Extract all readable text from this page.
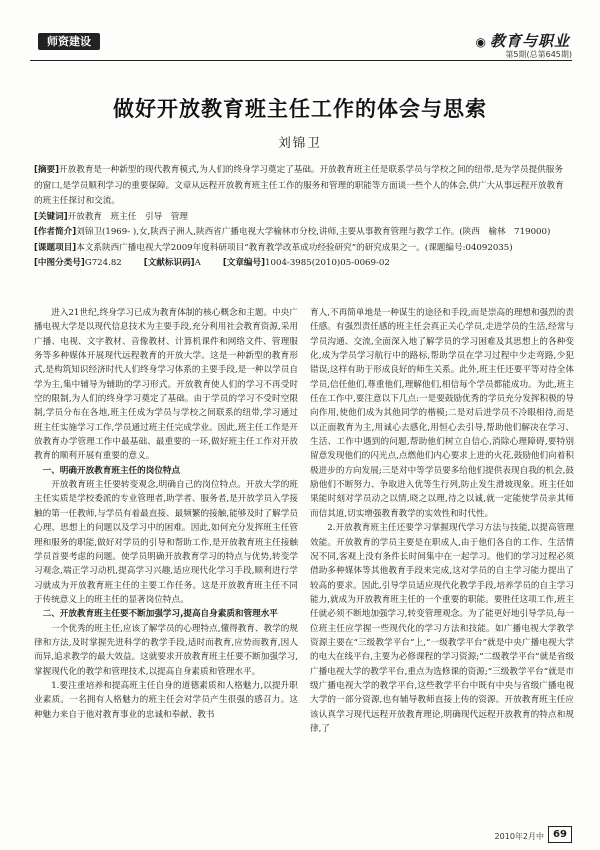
师资建设	◉ 教育与职业
第5期(总第645期)
做好开放教育班主任工作的体会与思索
刘锦卫

[摘要]开放教育是一种新型的现代教育模式,为人们的终身学习奠定了基础。开放教育班主任是联系学员与学校之间的纽带,是为学员提供服务的窗口,是学员顺利学习的重要保障。文章从远程开放教育班主任工作的服务和管理的职能等方面谈一些个人的体会,供广大从事远程开放教育的班主任探讨和交流。

[关键词]开放教育　班主任　引导　管理

[作者简介]刘锦卫(1969- ),女,陕西子洲人,陕西省广播电视大学榆林市分校,讲师,主要从事教育管理与教学工作。(陕西　榆林　719000)

[课题项目]本文系陕西广播电视大学2009年度科研项目“教育教学改革成功经验研究”的研究成果之一。(课题编号:04092035)

[中图分类号]G724.82	[文献标识码]A	[文章编号]1004-3985(2010)05-0069-02

进入21世纪,终身学习已成为教育体制的核心概念和主题。中央广播电视大学是以现代信息技术为主要手段,充分利用社会教育资源,采用广播、电视、文字教材、音像教材、计算机课件和网络文件、管理服务等多种媒体开展现代远程教育的开放大学。这是一种新型的教育形式,是构筑知识经济时代人们终身学习体系的主要手段,是一种以学员自学为主,集中辅导为辅助的学习形式。开放教育使人们的学习不再受时空的限制,为人们的终身学习奠定了基础。由于学员的学习不受时空限制,学员分布在各地,班主任成为学员与学校之间联系的纽带,学习通过班主任实施学习工作,学员通过班主任完成学业。因此,班主任工作是开放教育办学管理工作中最基础、最重要的一环,做好班主任工作对开放教育的顺利开展有重要的意义。

一、明确开放教育班主任的岗位特点

开放教育班主任要转变观念,明确自己的岗位特点。开放大学的班主任实质是学校委派的专业管理者,助学者、服务者,是开放学员入学接触的第一任教师,与学员有着最直接、最频繁的接触,能够及时了解学员心理、思想上的问题以及学习中的困难。因此,如何充分发挥班主任管理和服务的职能,做好对学员的引导和帮助工作,是开放教育班主任接触学员首要考虑的问题。使学员明确开放教育学习的特点与优势,转变学习观念,端正学习动机,提高学习兴趣,适应现代化学习手段,顺利进行学习就成为开放教育班主任的主要工作任务。这是开放教育班主任不同于传统意义上的班主任的显著岗位特点。

二、开放教育班主任要不断加强学习,提高自身素质和管理水平

一个优秀的班主任,应该了解学员的心理特点,懂得教育、教学的规律和方法,及时掌握先进科学的教学手段,适时而教育,应势而教育,因人而异,追求教学的最大效益。这就要求开放教育班主任要不断加强学习,掌握现代化的教学和管理技术,以提高自身素质和管理水平。

1.要注重培养和提高班主任自身的道德素质和人格魅力,以提升职业素质。一名拥有人格魅力的班主任会对学员产生很强的感召力。这种魅力来自于他对教育事业的忠诚和奉献、教书

育人,不再简单地是一种谋生的途径和手段,而是崇高的理想和强烈的责任感。有强烈责任感的班主任会真正关心学员,走进学员的生活,经常与学员沟通、交流,全面深入地了解学员的学习困难及其思想上的各种变化,成为学员学习航行中的路标,帮助学员在学习过程中少走弯路,少犯错误,这样有助于形成良好的师生关系。此外,班主任还要平等对待全体学员,信任他们,尊重他们,理解他们,相信每个学员都能成功。为此,班主任在工作中,要注意以下几点:一是要鼓励优秀的学员充分发挥积极的导向作用,使他们成为其他同学的楷模;二是对后进学员不冷眼相待,而是以正面教育为主,用诚心去感化,用恒心去引导,帮助他们解决在学习、生活、工作中遇到的问题,帮助他们树立自信心,消除心理障碍,要特别留意发现他们的闪光点,点燃他们内心要求上进的火花,鼓励他们向着积极进步的方向发展;三是对中等学员要多给他们提供表现自我的机会,鼓励他们不断努力、争取进入优等生行列,防止发生滑坡现象。班主任如果能时刻对学员动之以情,晓之以理,待之以诚,就一定能使学员亲其师而信其道,切实增强教育教学的实效性和时代性。

2.开放教育班主任还要学习掌握现代学习方法与技能,以提高管理效能。开放教育的学员主要是在职成人,由于他们各自的工作、生活情况不同,客观上没有条件长时间集中在一起学习。他们的学习过程必须借助多种媒体等其他教育手段来完成,这对学员的自主学习能力提出了较高的要求。因此,引导学员适应现代化教学手段,培养学员的自主学习能力,就成为开放教育班主任的一个重要的职能。要胜任这项工作,班主任就必须不断地加强学习,转变管理观念。为了能更好地引导学员,每一位班主任应学握一些现代化的学习方法和技能。如广播电视大学教学资源主要在“三级教学平台”上,“一级教学平台”就是中央广播电视大学的电大在线平台,主要为必修课程的学习资源;“二级教学平台”就是省级广播电视大学的教学平台,重点为选修课的资源;“三级教学平台”就是市级广播电视大学的教学平台,这些教学平台中既有中央与省级广播电视大学的一部分资源,也有辅导教师直接上传的资源。开放教育班主任应该认真学习现代远程开放教育理论,明确现代远程开放教育的特点和规律,了

2010年2月中 69
